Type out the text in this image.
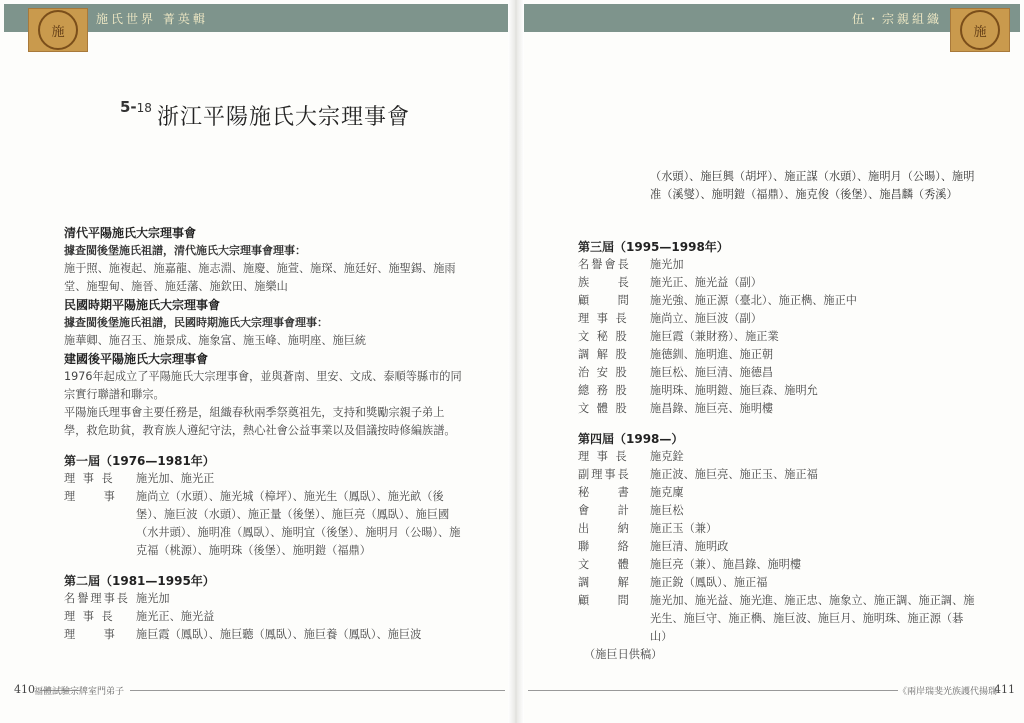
施	施
施氏世界 菁英輯	伍・宗親組織
5-18 浙江平陽施氏大宗理事會
清代平陽施氏大宗理事會
據查閩後堡施氏祖譜，清代施氏大宗理事會理事：
施于照、施複起、施嘉龍、施志淵、施慶、施萱、施琛、施廷好、施聖錫、施雨堂、施聖甸、施晉、施廷藩、施欽田、施樂山
民國時期平陽施氏大宗理事會
據查閩後堡施氏祖譜，民國時期施氏大宗理事會理事：
施華卿、施召玉、施景成、施象富、施玉峰、施明座、施巨統
建國後平陽施氏大宗理事會
1976年起成立了平陽施氏大宗理事會，並與蒼南、里安、文成、泰順等縣市的同宗實行聯譜和聯宗。
平陽施氏理事會主要任務是，組織春秋兩季祭奠祖先，支持和獎勵宗親子弟上學，救危助貧，教育族人遵紀守法，熱心社會公益事業以及倡議按時修編族譜。
第一屆（1976—1981年）
理 事 長	施光加、施光正
理　　事	施尚立（水頭）、施光城（樟坪）、施光生（鳳臥）、施光畝（後堡）、施巨波（水頭）、施正量（後堡）、施巨亮（鳳臥）、施巨國（水井頭）、施明准（鳳臥）、施明宜（後堡）、施明月（公暘）、施克福（桃源）、施明珠（後堡）、施明鎧（福鼎）
第二屆（1981—1995年）
名譽理事長 施光加
理 事 長	施光正、施光益
理　　事	施巨霞（鳳臥）、施巨聽（鳳臥）、施巨養（鳳臥）、施巨波
（水頭）、施巨興（胡坪）、施正謀（水頭）、施明月（公暘）、施明准（溪燮）、施明鎧（福鼎）、施克俊（後堡）、施昌麟（秀溪）
第三屆（1995—1998年）
名譽會長	施光加
族　　長	施光正、施光益（副）
顧　　問	施光強、施正源（臺北）、施正檇、施正中
理 事 長	施尚立、施巨波（副）
文 秘 股	施巨霞（兼財務）、施正業
調 解 股	施德釧、施明進、施正朝
治 安 股	施巨松、施巨清、施德昌
總 務 股	施明珠、施明鎧、施巨森、施明允
文 體 股	施昌錄、施巨亮、施明樓
第四屆（1998—）
理 事 長	施克銓
副理事長	施正波、施巨亮、施正玉、施正福
秘　　書	施克廩
會　　計	施巨松
出　　納	施正玉（兼）
聯　　絡	施巨清、施明政
文　　體	施巨亮（兼）、施昌錄、施明樓
調　　解	施正銳（鳳臥）、施正福
顧　　問	施光加、施光益、施光進、施正忠、施象立、施正調、施正調、施光生、施巨守、施正檇、施巨波、施巨月、施明珠、施正源（碁山）
（施巨日供稿）
410 福體試驗宗牌室門弟子	《兩岸瑞斐光族護代揚瑞
411
